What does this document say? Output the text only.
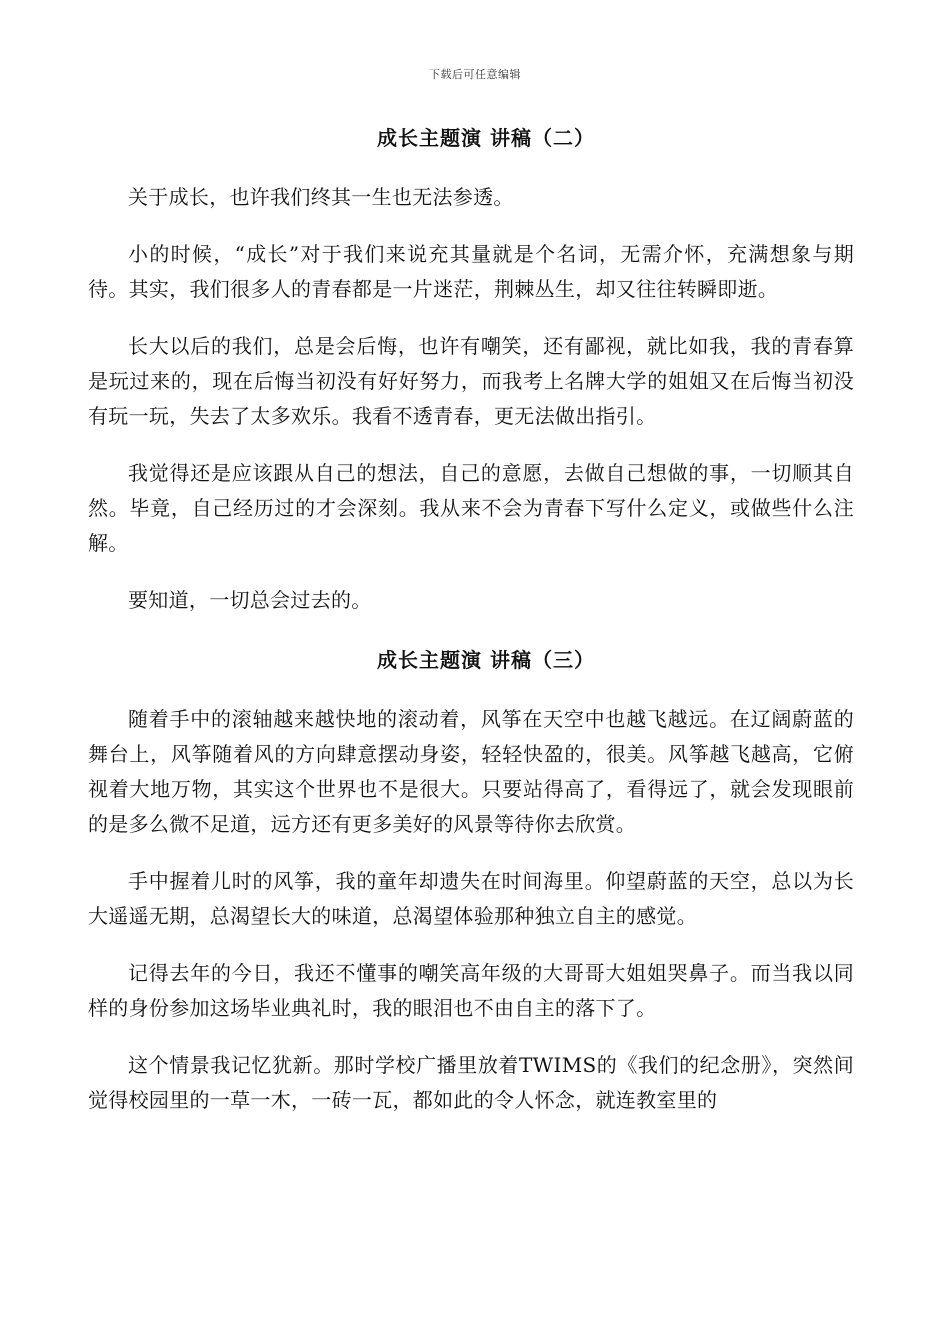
下载后可任意编辑
成长主题演 讲稿（二）

关于成长，也许我们终其一生也无法参透。

小的时候，“成长”对于我们来说充其量就是个名词，无需介怀，充满想象与期待。其实，我们很多人的青春都是一片迷茫，荆棘丛生，却又往往转瞬即逝。

长大以后的我们，总是会后悔，也许有嘲笑，还有鄙视，就比如我，我的青春算是玩过来的，现在后悔当初没有好好努力，而我考上名牌大学的姐姐又在后悔当初没有玩一玩，失去了太多欢乐。我看不透青春，更无法做出指引。

我觉得还是应该跟从自己的想法，自己的意愿，去做自己想做的事，一切顺其自然。毕竟，自己经历过的才会深刻。我从来不会为青春下写什么定义，或做些什么注解。

要知道，一切总会过去的。

成长主题演 讲稿（三）

随着手中的滚轴越来越快地的滚动着，风筝在天空中也越飞越远。在辽阔蔚蓝的舞台上，风筝随着风的方向肆意摆动身姿，轻轻快盈的，很美。风筝越飞越高，它俯视着大地万物，其实这个世界也不是很大。只要站得高了，看得远了，就会发现眼前的是多么微不足道，远方还有更多美好的风景等待你去欣赏。

手中握着儿时的风筝，我的童年却遗失在时间海里。仰望蔚蓝的天空，总以为长大遥遥无期，总渴望长大的味道，总渴望体验那种独立自主的感觉。

记得去年的今日，我还不懂事的嘲笑高年级的大哥哥大姐姐哭鼻子。而当我以同样的身份参加这场毕业典礼时，我的眼泪也不由自主的落下了。

这个情景我记忆犹新。那时学校广播里放着TWIMS的《我们的纪念册》，突然间觉得校园里的一草一木，一砖一瓦，都如此的令人怀念，就连教室里的
